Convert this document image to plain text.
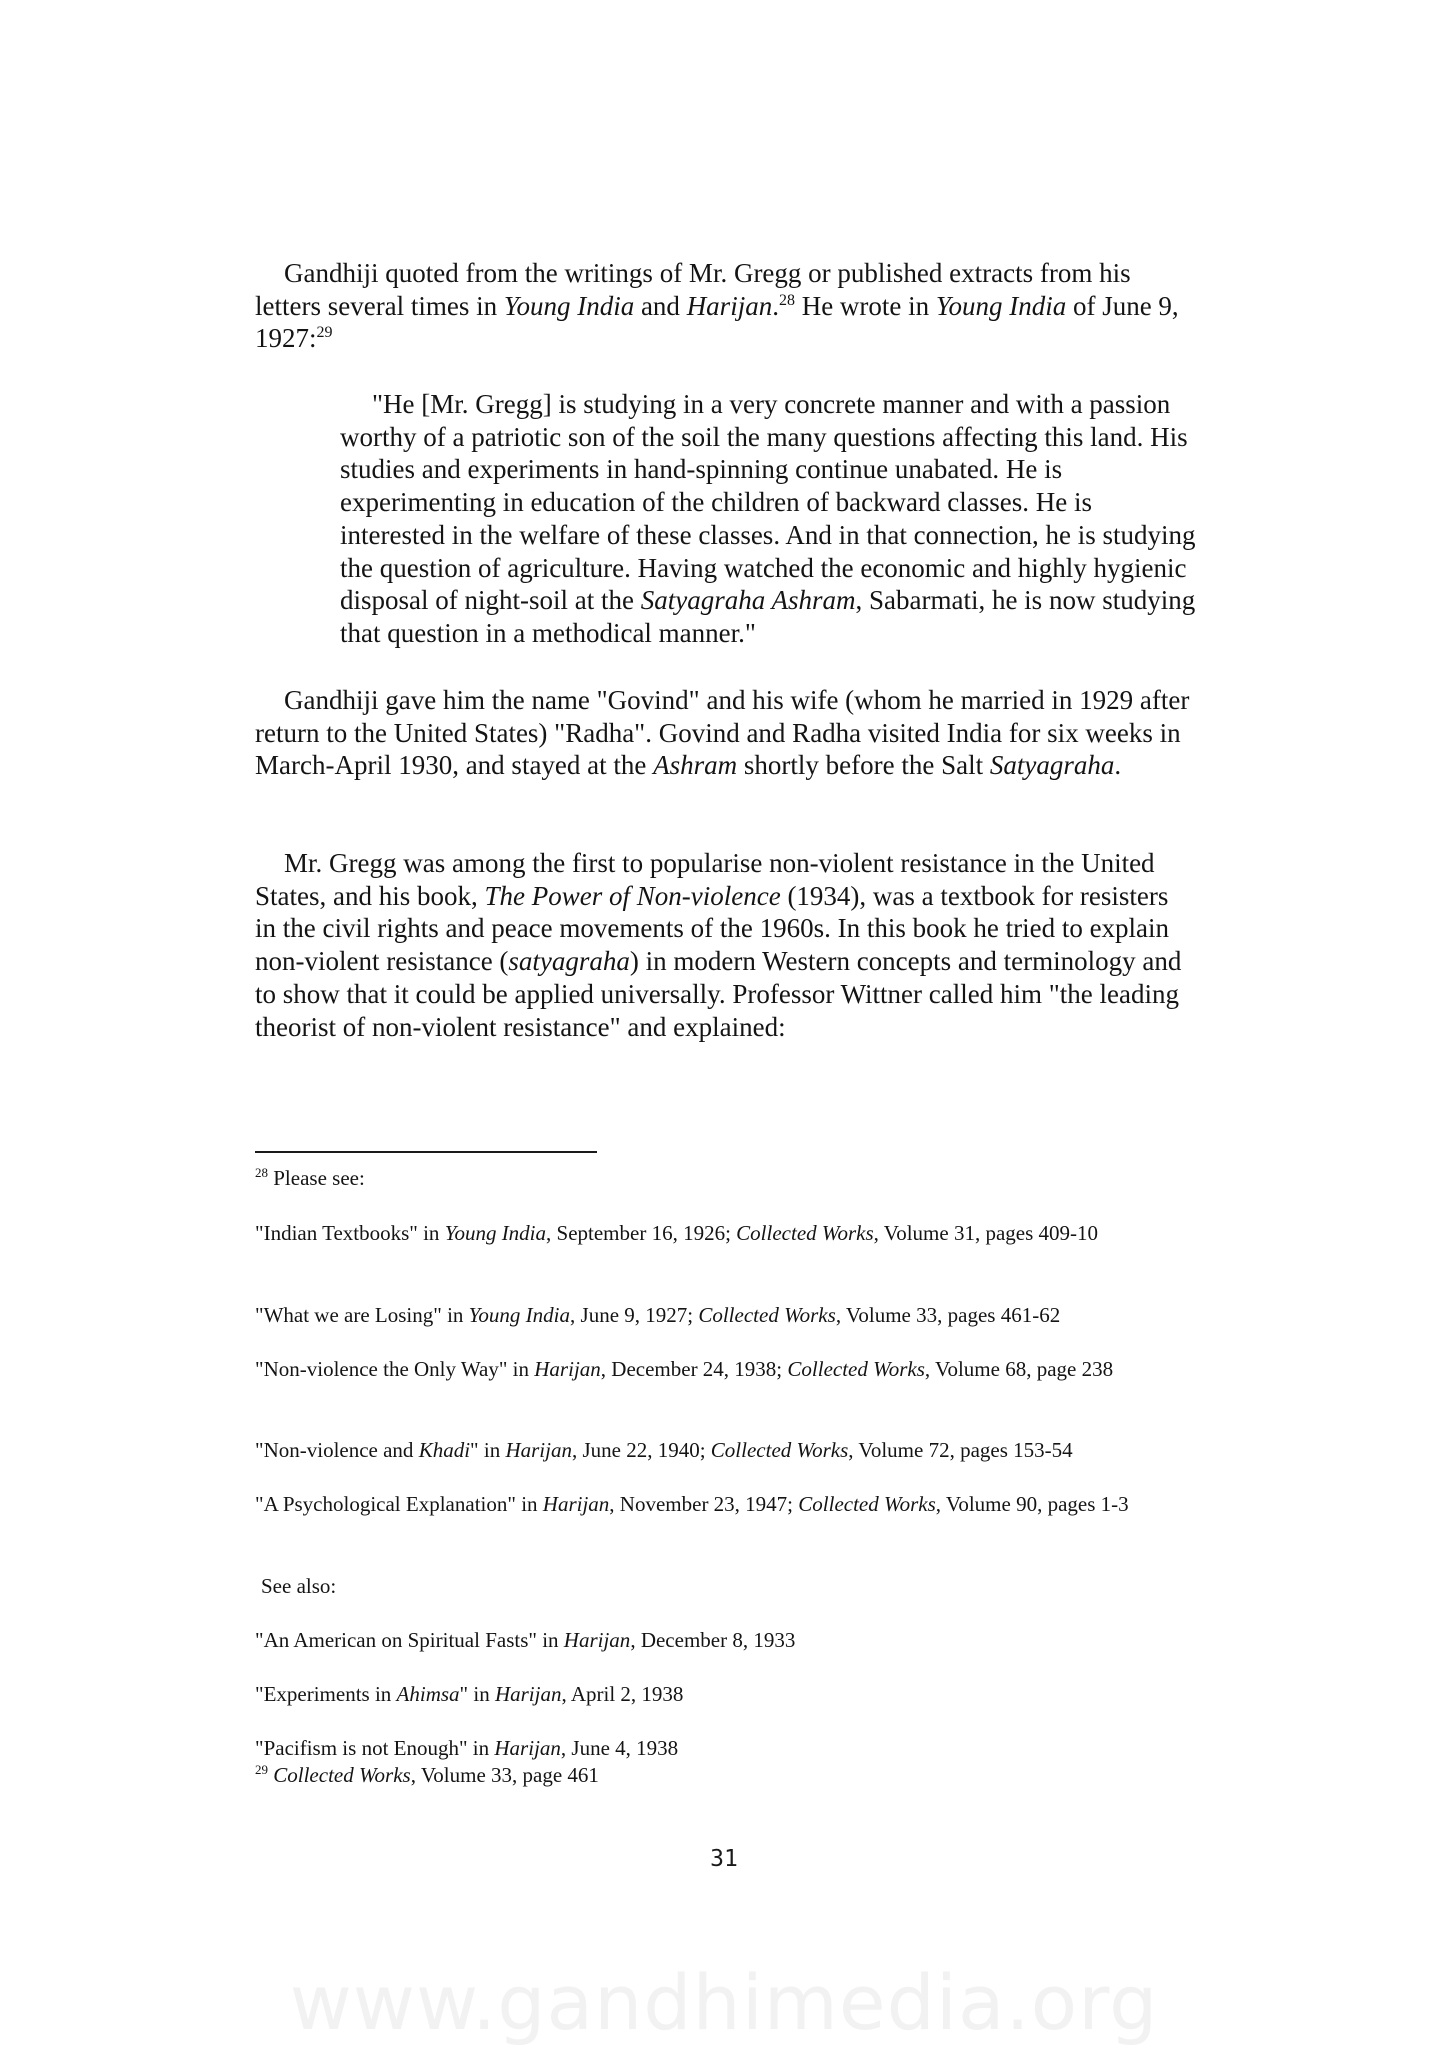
Gandhiji quoted from the writings of Mr. Gregg or published extracts from his letters several times in Young India and Harijan.$^{28}$ He wrote in Young India of June 9, 1927:$^{29}$

"He [Mr. Gregg] is studying in a very concrete manner and with a passion worthy of a patriotic son of the soil the many questions affecting this land. His studies and experiments in hand-spinning continue unabated. He is experimenting in education of the children of backward classes. He is interested in the welfare of these classes. And in that connection, he is studying the question of agriculture. Having watched the economic and highly hygienic disposal of night-soil at the Satyagraha Ashram, Sabarmati, he is now studying that question in a methodical manner."

Gandhiji gave him the name "Govind" and his wife (whom he married in 1929 after return to the United States) "Radha". Govind and Radha visited India for six weeks in March-April 1930, and stayed at the Ashram shortly before the Salt Satyagraha.

Mr. Gregg was among the first to popularise non-violent resistance in the United States, and his book, The Power of Non-violence (1934), was a textbook for resisters in the civil rights and peace movements of the 1960s. In this book he tried to explain non-violent resistance (satyagraha) in modern Western concepts and terminology and to show that it could be applied universally. Professor Wittner called him "the leading theorist of non-violent resistance" and explained:

$^{28}$ Please see:

"Indian Textbooks" in Young India, September 16, 1926; Collected Works, Volume 31, pages 409-10

"What we are Losing" in Young India, June 9, 1927; Collected Works, Volume 33, pages 461-62

"Non-violence the Only Way" in Harijan, December 24, 1938; Collected Works, Volume 68, page 238

"Non-violence and Khadi" in Harijan, June 22, 1940; Collected Works, Volume 72, pages 153-54

"A Psychological Explanation" in Harijan, November 23, 1947; Collected Works, Volume 90, pages 1-3

See also:

"An American on Spiritual Fasts" in Harijan, December 8, 1933

"Experiments in Ahimsa" in Harijan, April 2, 1938

"Pacifism is not Enough" in Harijan, June 4, 1938

$^{29}$ Collected Works, Volume 33, page 461

31
www.gandhimedia.org
